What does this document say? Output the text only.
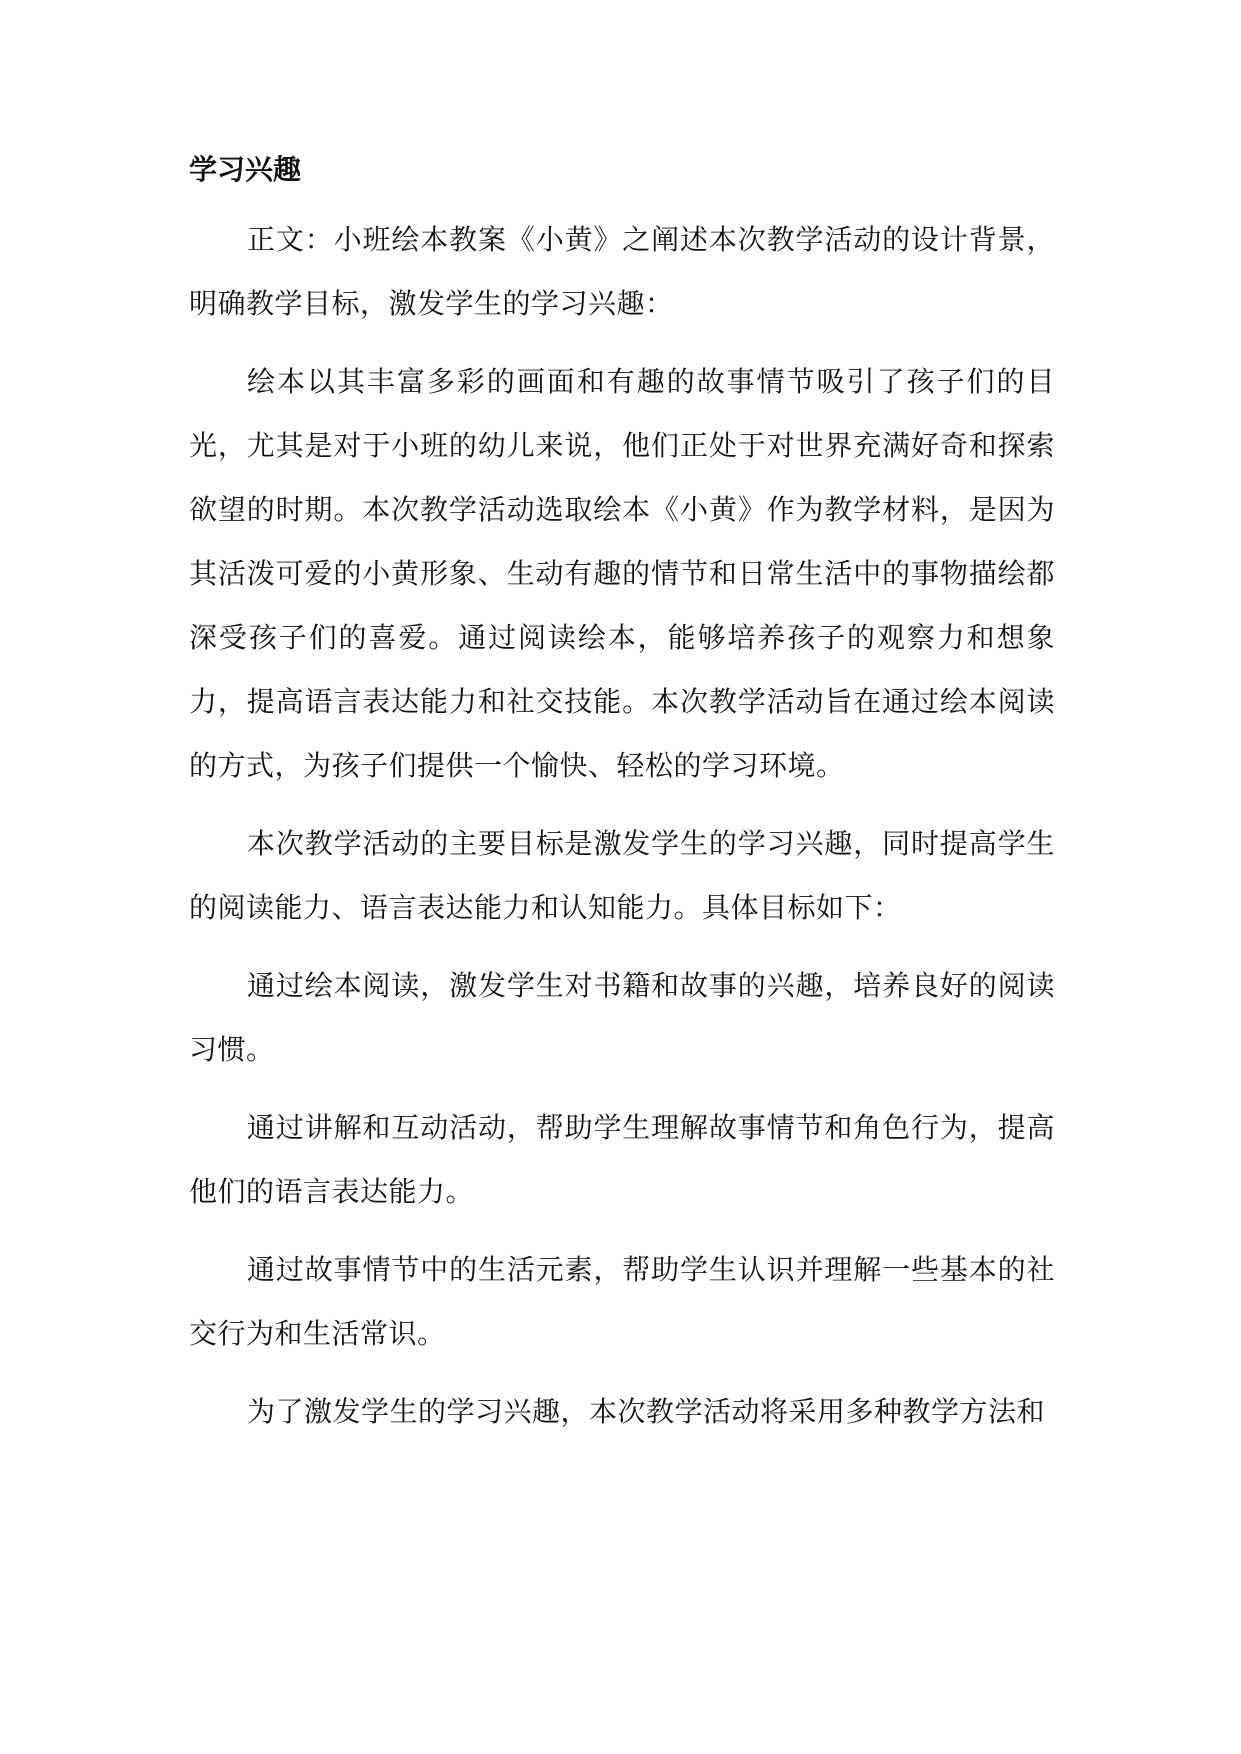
学习兴趣

正文：小班绘本教案《小黄》之阐述本次教学活动的设计背景，明确教学目标，激发学生的学习兴趣：

绘本以其丰富多彩的画面和有趣的故事情节吸引了孩子们的目光，尤其是对于小班的幼儿来说，他们正处于对世界充满好奇和探索欲望的时期。本次教学活动选取绘本《小黄》作为教学材料，是因为其活泼可爱的小黄形象、生动有趣的情节和日常生活中的事物描绘都深受孩子们的喜爱。通过阅读绘本，能够培养孩子的观察力和想象力，提高语言表达能力和社交技能。本次教学活动旨在通过绘本阅读的方式，为孩子们提供一个愉快、轻松的学习环境。

本次教学活动的主要目标是激发学生的学习兴趣，同时提高学生的阅读能力、语言表达能力和认知能力。具体目标如下：

通过绘本阅读，激发学生对书籍和故事的兴趣，培养良好的阅读习惯。

通过讲解和互动活动，帮助学生理解故事情节和角色行为，提高他们的语言表达能力。

通过故事情节中的生活元素，帮助学生认识并理解一些基本的社交行为和生活常识。

为了激发学生的学习兴趣，本次教学活动将采用多种教学方法和
